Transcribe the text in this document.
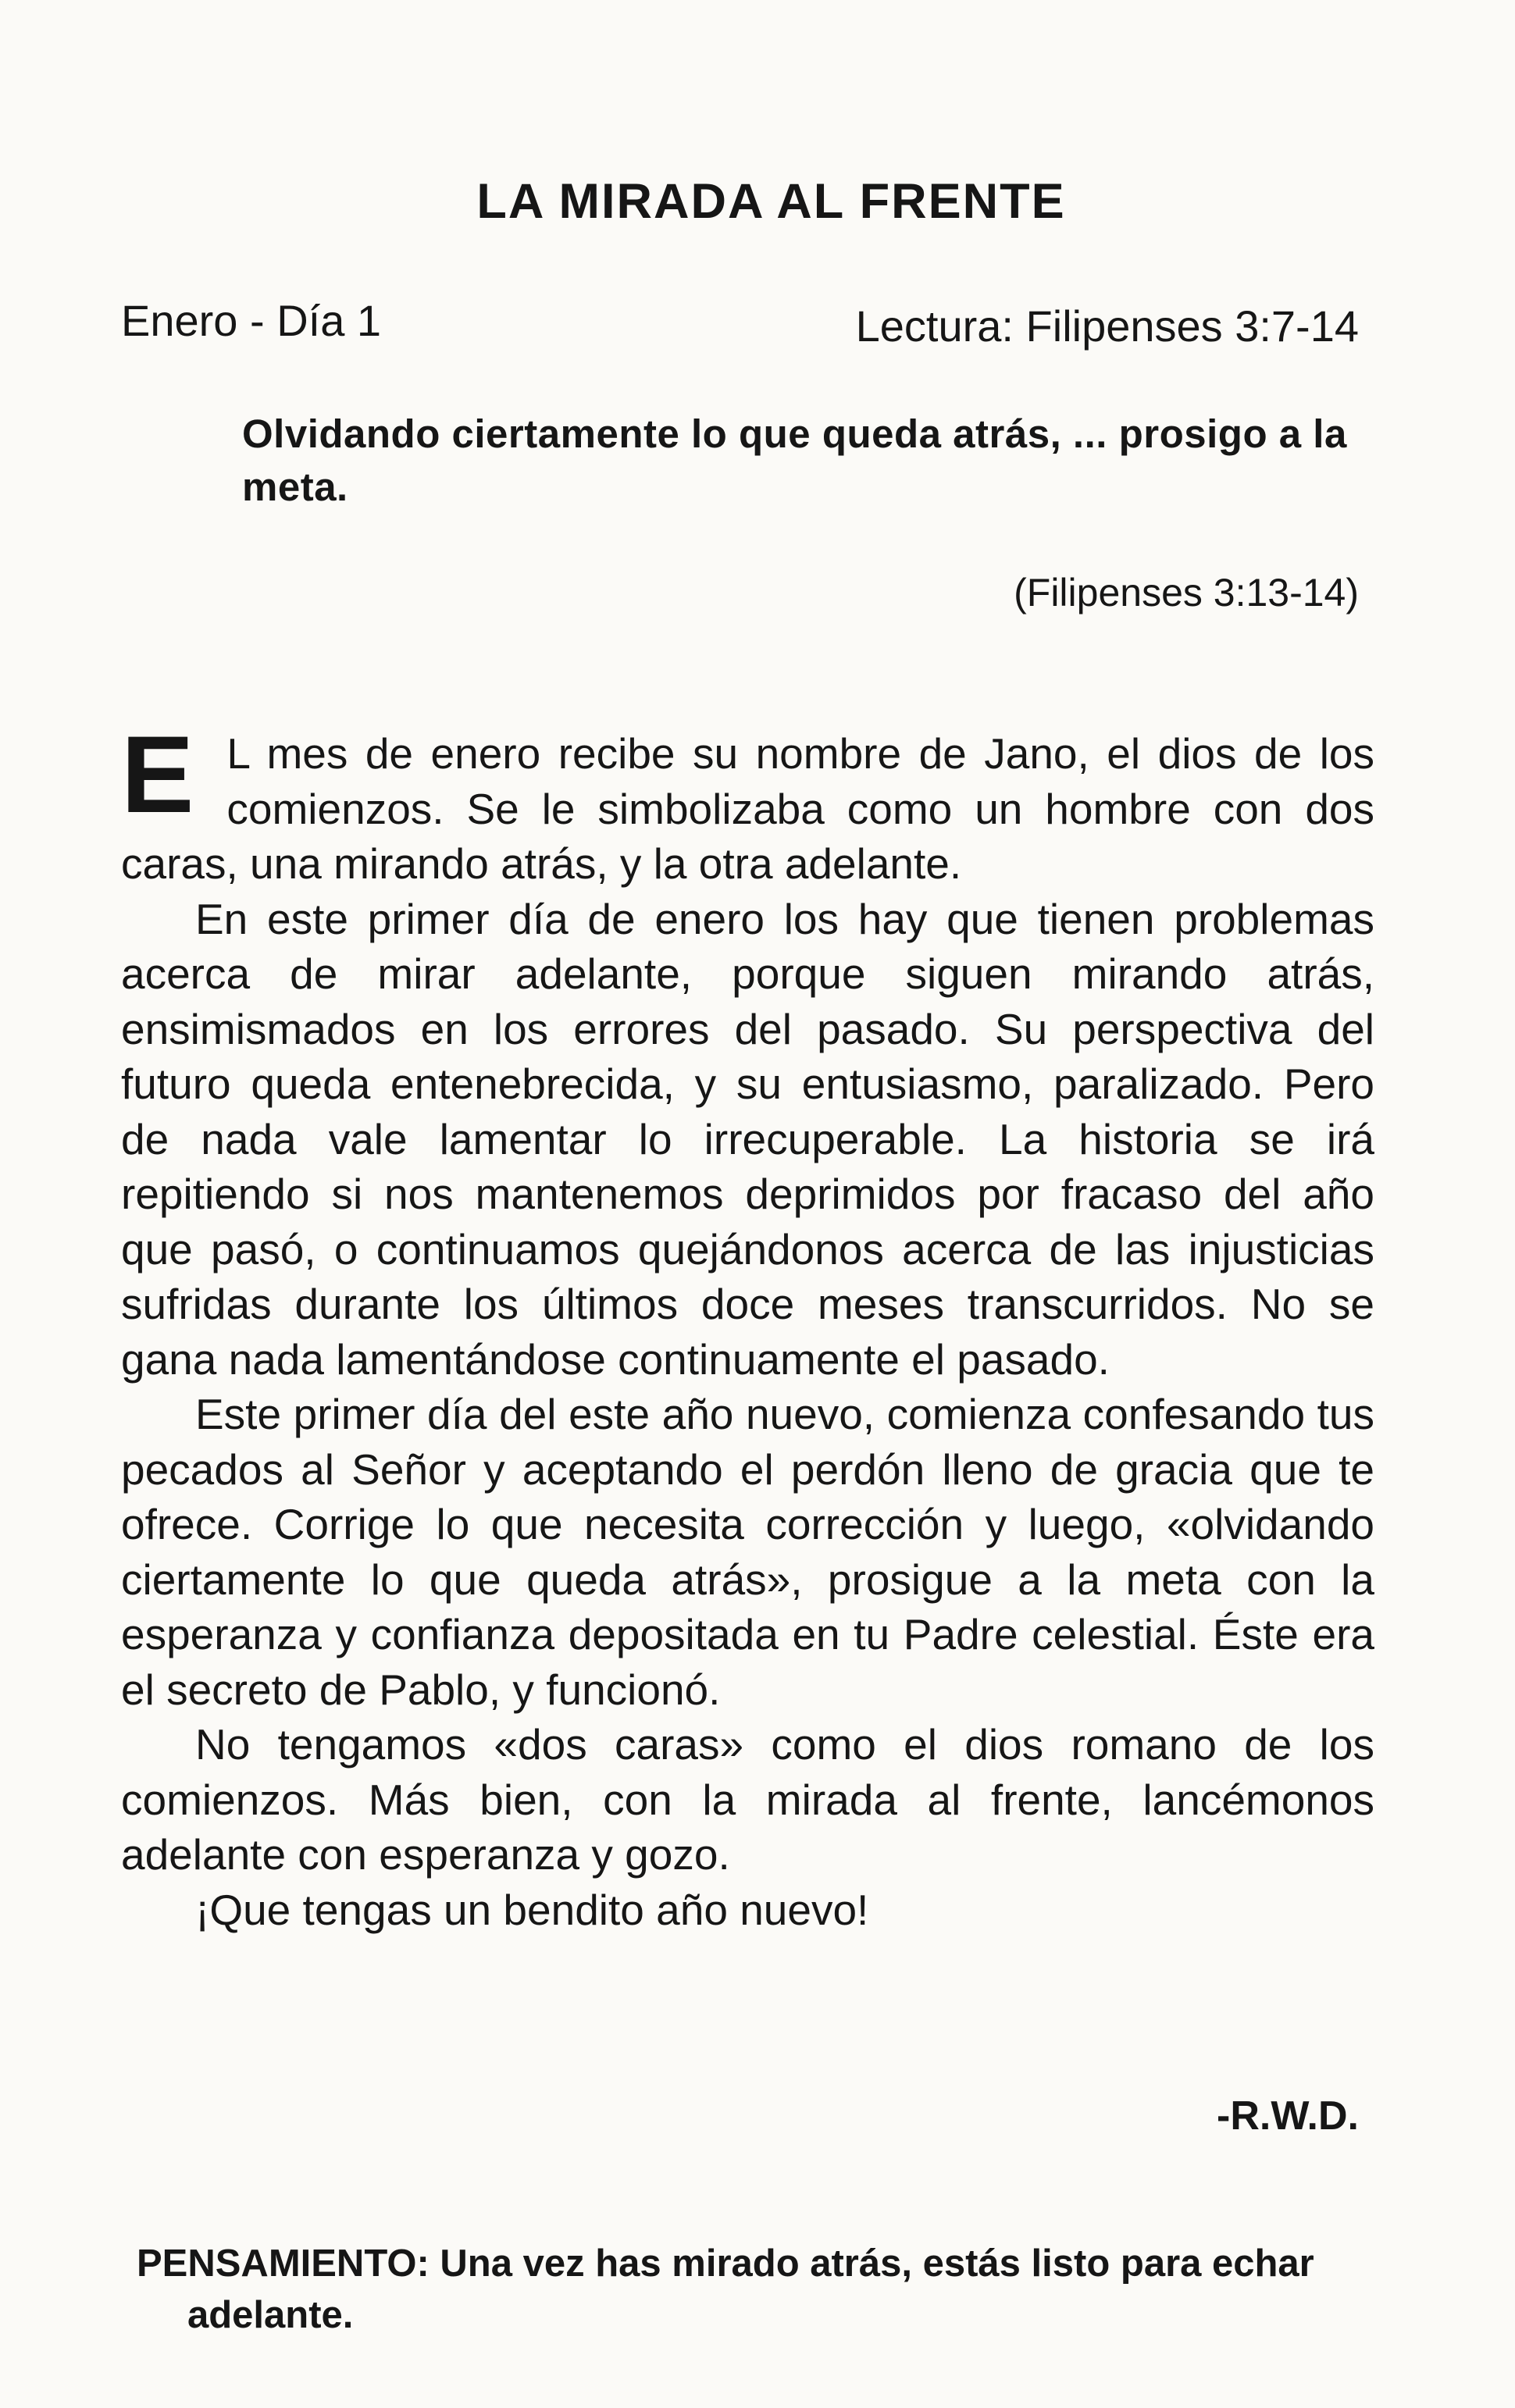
LA MIRADA AL FRENTE
Enero - Día 1	Lectura: Filipenses 3:7-14
Olvidando ciertamente lo que queda atrás, ... prosigo a la meta.
(Filipenses 3:13-14)

E L mes de enero recibe su nombre de Jano, el dios de los comienzos. Se le simbolizaba como un hombre con dos caras, una mirando atrás, y la otra adelante.

En este primer día de enero los hay que tienen problemas acerca de mirar adelante, porque siguen mirando atrás, ensimismados en los errores del pasado. Su perspectiva del futuro queda entenebrecida, y su entusiasmo, paralizado. Pero de nada vale lamentar lo irrecuperable. La historia se irá repitiendo si nos mantenemos deprimidos por fracaso del año que pasó, o continuamos quejándonos acerca de las injusticias sufridas durante los últimos doce meses transcurridos. No se gana nada lamentándose continuamente el pasado.

Este primer día del este año nuevo, comienza confesando tus pecados al Señor y aceptando el perdón lleno de gracia que te ofrece. Corrige lo que necesita corrección y luego, «olvidando ciertamente lo que queda atrás», prosigue a la meta con la esperanza y confianza depositada en tu Padre celestial. Éste era el secreto de Pablo, y funcionó.

No tengamos «dos caras» como el dios romano de los comienzos. Más bien, con la mirada al frente, lancémonos adelante con esperanza y gozo.

¡Que tengas un bendito año nuevo!

-R.W.D.
PENSAMIENTO: Una vez has mirado atrás, estás listo para echar adelante.
